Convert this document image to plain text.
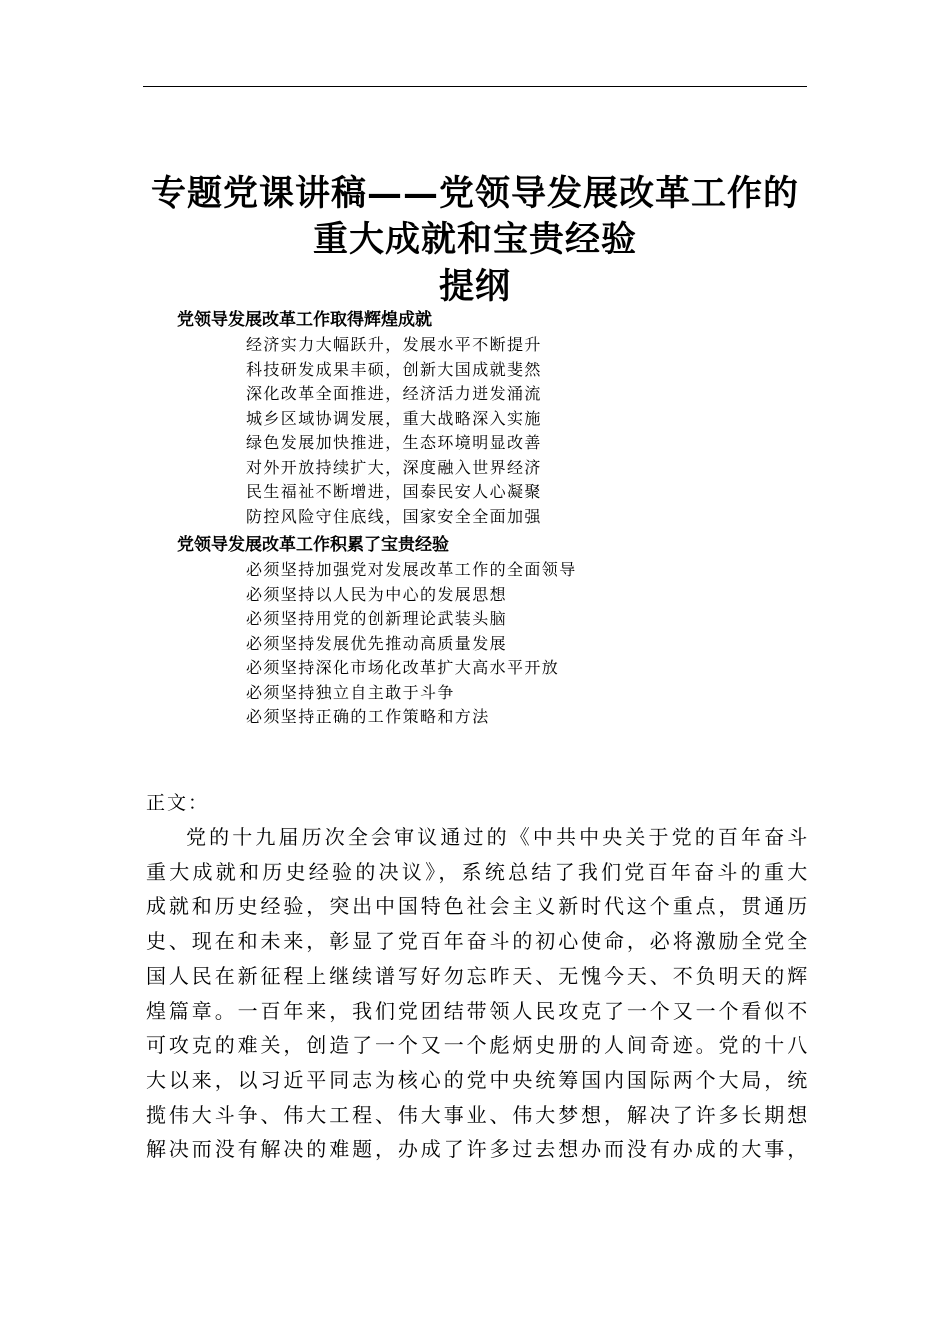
专题党课讲稿——党领导发展改革工作的
重大成就和宝贵经验
提纲
党领导发展改革工作取得辉煌成就
经济实力大幅跃升，发展水平不断提升
科技研发成果丰硕，创新大国成就斐然
深化改革全面推进，经济活力迸发涌流
城乡区域协调发展，重大战略深入实施
绿色发展加快推进，生态环境明显改善
对外开放持续扩大，深度融入世界经济
民生福祉不断增进，国泰民安人心凝聚
防控风险守住底线，国家安全全面加强
党领导发展改革工作积累了宝贵经验
必须坚持加强党对发展改革工作的全面领导
必须坚持以人民为中心的发展思想
必须坚持用党的创新理论武装头脑
必须坚持发展优先推动高质量发展
必须坚持深化市场化改革扩大高水平开放
必须坚持独立自主敢于斗争
必须坚持正确的工作策略和方法

正文：

党的十九届历次全会审议通过的《中共中央关于党的百年奋斗
重大成就和历史经验的决议》，系统总结了我们党百年奋斗的重大
成就和历史经验，突出中国特色社会主义新时代这个重点，贯通历
史、现在和未来，彰显了党百年奋斗的初心使命，必将激励全党全
国人民在新征程上继续谱写好勿忘昨天、无愧今天、不负明天的辉
煌篇章。一百年来，我们党团结带领人民攻克了一个又一个看似不
可攻克的难关，创造了一个又一个彪炳史册的人间奇迹。党的十八
大以来，以习近平同志为核心的党中央统筹国内国际两个大局，统
揽伟大斗争、伟大工程、伟大事业、伟大梦想，解决了许多长期想
解决而没有解决的难题，办成了许多过去想办而没有办成的大事，
